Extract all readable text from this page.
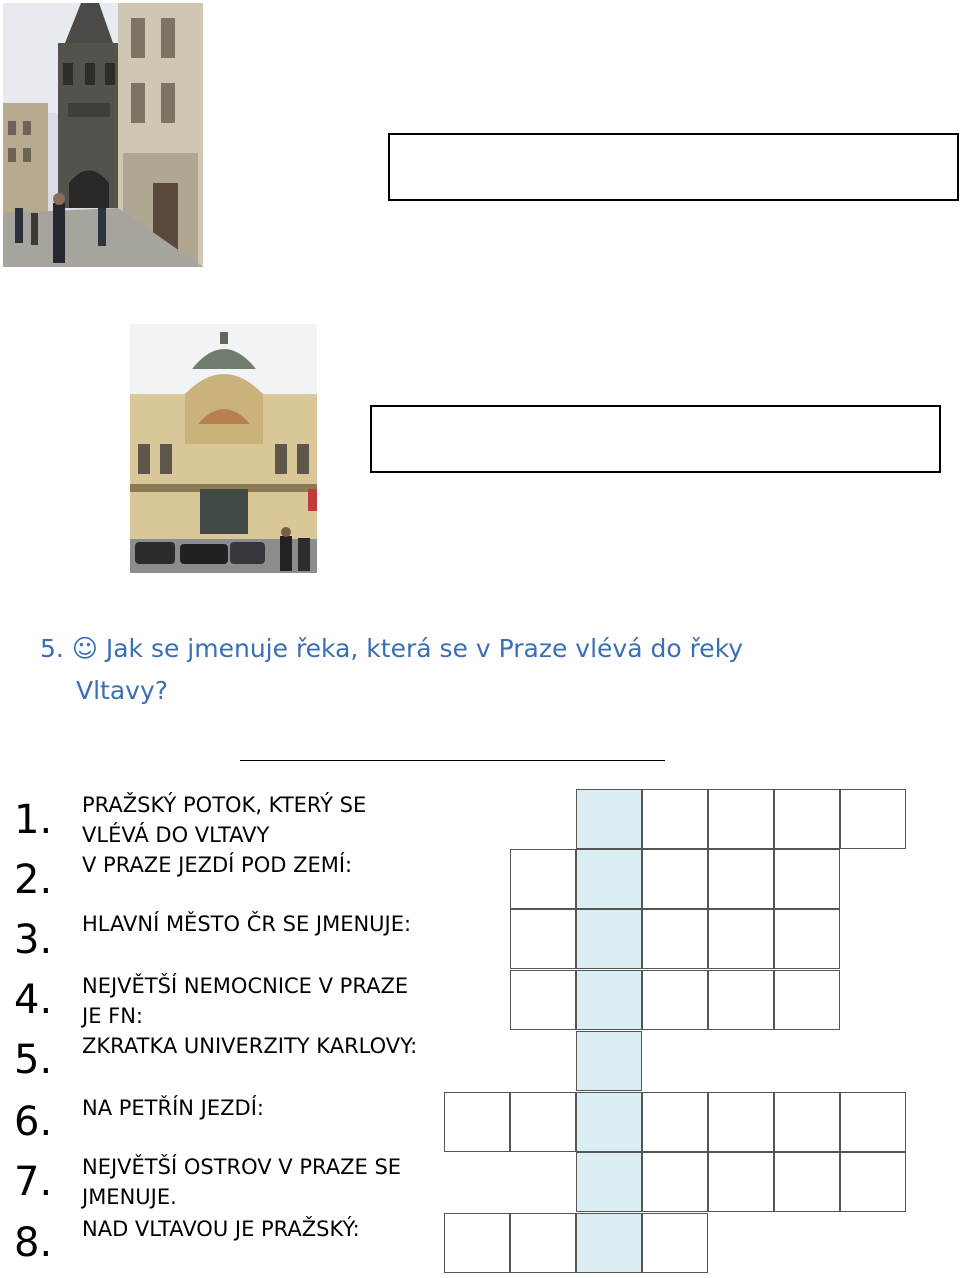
5. ☺ Jak se jmenuje řeka, která se v Praze vlévá do řeky
Vltavy?
1. PRAŽSKÝ POTOK, KTERÝ SE VLÉVÁ DO VLTAVY
2. V PRAZE JEZDÍ POD ZEMÍ:
3. HLAVNÍ MĚSTO ČR SE JMENUJE:
4. NEJVĚTŠÍ NEMOCNICE V PRAZE JE FN:
5. ZKRATKA UNIVERZITY KARLOVY:
6. NA PETŘÍN JEZDÍ:
7. NEJVĚTŠÍ OSTROV V PRAZE SE JMENUJE.
8. NAD VLTAVOU JE PRAŽSKÝ:
